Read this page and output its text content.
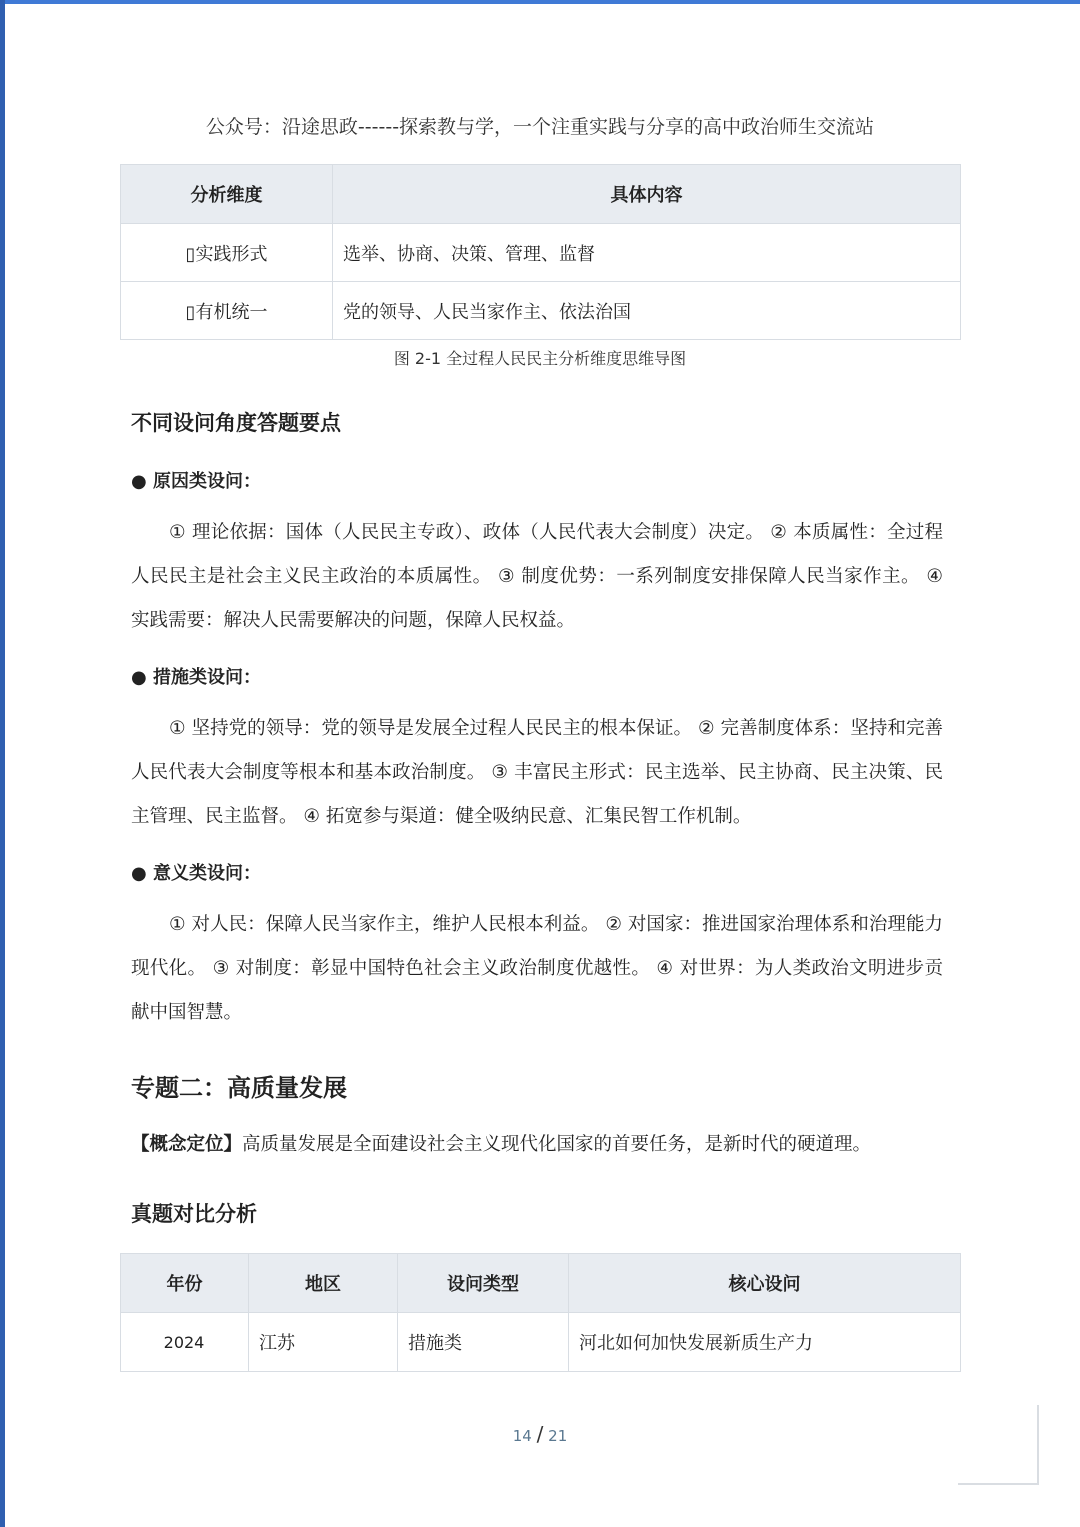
公众号：沿途思政------探索教与学，一个注重实践与分享的高中政治师生交流站
分析维度	具体内容
▯实践形式	选举、协商、决策、管理、监督
▯有机统一	党的领导、人民当家作主、依法治国
图 2-1 全过程人民民主分析维度思维导图
不同设问角度答题要点
● 原因类设问：
① 理论依据：国体（人民民主专政）、政体（人民代表大会制度）决定。 ② 本质属性：全过程人民民主是社会主义民主政治的本质属性。 ③ 制度优势：一系列制度安排保障人民当家作主。 ④ 实践需要：解决人民需要解决的问题，保障人民权益。
● 措施类设问：
① 坚持党的领导：党的领导是发展全过程人民民主的根本保证。 ② 完善制度体系：坚持和完善人民代表大会制度等根本和基本政治制度。 ③ 丰富民主形式：民主选举、民主协商、民主决策、民主管理、民主监督。 ④ 拓宽参与渠道：健全吸纳民意、汇集民智工作机制。
● 意义类设问：
① 对人民：保障人民当家作主，维护人民根本利益。 ② 对国家：推进国家治理体系和治理能力现代化。 ③ 对制度：彰显中国特色社会主义政治制度优越性。 ④ 对世界：为人类政治文明进步贡献中国智慧。
专题二：高质量发展
【概念定位】高质量发展是全面建设社会主义现代化国家的首要任务，是新时代的硬道理。
真题对比分析
年份	地区	设问类型	核心设问
2024	江苏	措施类	河北如何加快发展新质生产力
14 / 21
